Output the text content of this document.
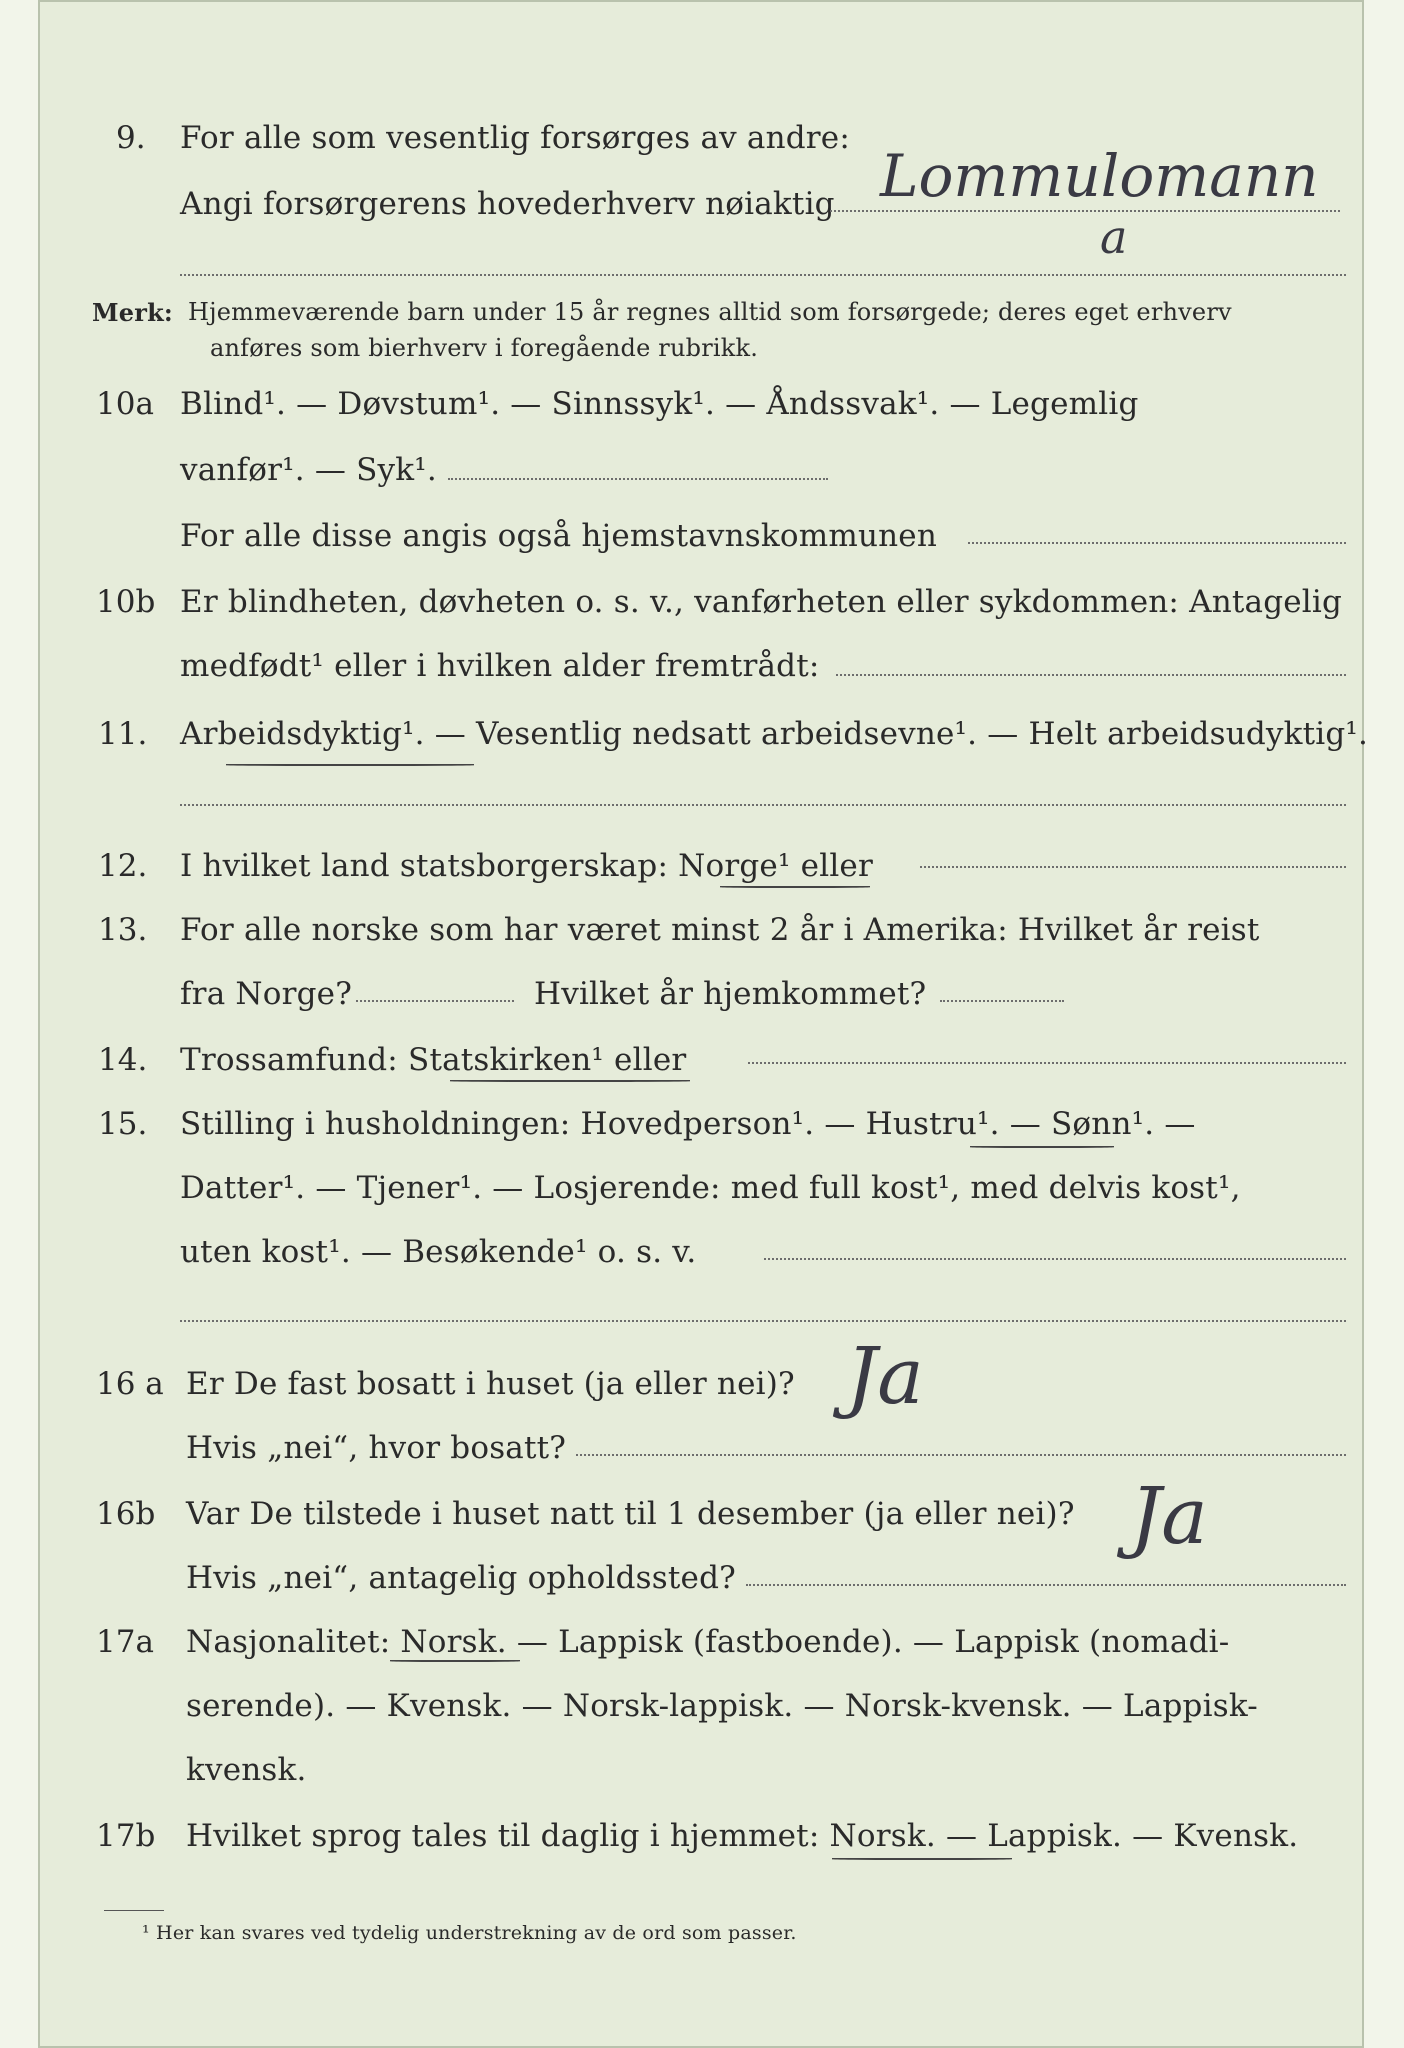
9. For alle som vesentlig forsørges av andre:
Angi forsørgerens hovederhverv nøiaktig Lommulomann
a
Merk: Hjemmeværende barn under 15 år regnes alltid som forsørgede; deres eget erhverv
anføres som bierhverv i foregående rubrikk.
10a Blind¹. — Døvstum¹. — Sinnssyk¹. — Åndssvak¹. — Legemlig
vanfør¹. — Syk¹.
For alle disse angis også hjemstavnskommunen
10b Er blindheten, døvheten o. s. v., vanførheten eller sykdommen: Antagelig
medfødt¹ eller i hvilken alder fremtrådt:
11. Arbeidsdyktig¹. — Vesentlig nedsatt arbeidsevne¹. — Helt arbeidsudyktig¹.
12. I hvilket land statsborgerskap: Norge¹ eller
13. For alle norske som har været minst 2 år i Amerika: Hvilket år reist
fra Norge?	Hvilket år hjemkommet?
14. Trossamfund: Statskirken¹ eller
15. Stilling i husholdningen: Hovedperson¹. — Hustru¹. — Sønn¹. —
Datter¹. — Tjener¹. — Losjerende: med full kost¹, med delvis kost¹,
uten kost¹. — Besøkende¹ o. s. v.
16 a Er De fast bosatt i huset (ja eller nei)? Ja
Hvis „nei“, hvor bosatt?
16b Var De tilstede i huset natt til 1 desember (ja eller nei)? Ja
Hvis „nei“, antagelig opholdssted?
17a Nasjonalitet: Norsk. — Lappisk (fastboende). — Lappisk (nomadi-
serende). — Kvensk. — Norsk-lappisk. — Norsk-kvensk. — Lappisk-
kvensk.
17b Hvilket sprog tales til daglig i hjemmet: Norsk. — Lappisk. — Kvensk.
¹ Her kan svares ved tydelig understrekning av de ord som passer.
